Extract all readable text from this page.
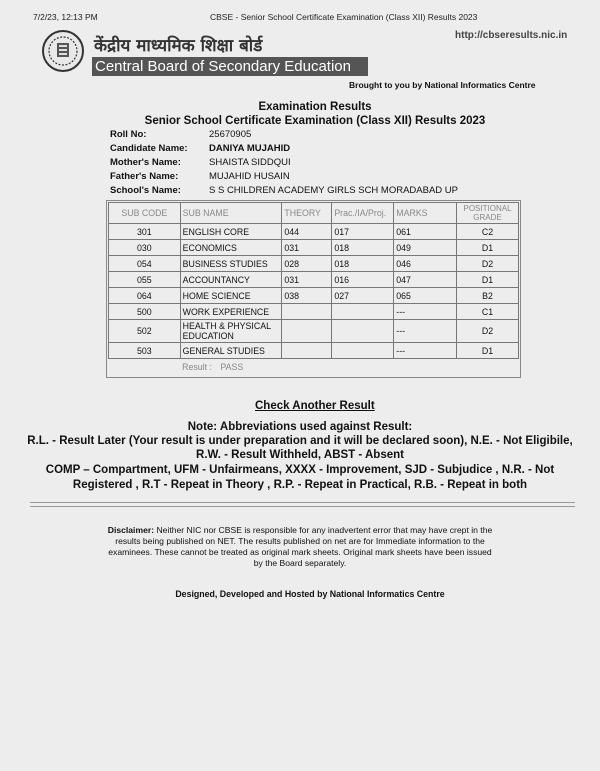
7/2/23, 12:13 PM	CBSE - Senior School Certificate Examination (Class XII) Results 2023
http://cbseresults.nic.in
केंद्रीय माध्यमिक शिक्षा बोर्ड
Central Board of Secondary Education
Brought to you by National Informatics Centre
Examination Results
Senior School Certificate Examination (Class XII) Results 2023
Roll No:	25670905
Candidate Name: DANIYA MUJAHID
Mother's Name:	SHAISTA SIDDQUI
Father's Name:	MUJAHID HUSAIN
School's Name:	S S CHILDREN ACADEMY GIRLS SCH MORADABAD UP
SUB CODE	SUB NAME	THEORY	Prac./IA/Proj.	MARKS	POSITIONAL GRADE
301	ENGLISH CORE	044	017	061	C2
030	ECONOMICS	031	018	049	D1
054	BUSINESS STUDIES	028	018	046	D2
055	ACCOUNTANCY	031	016	047	D1
064	HOME SCIENCE	038	027	065	B2
500	WORK EXPERIENCE			---	C1
502	HEALTH & PHYSICAL EDUCATION			---	D2
503	GENERAL STUDIES			---	D1
	Result : PASS				
Check Another Result
Note: Abbreviations used against Result:
R.L. - Result Later (Your result is under preparation and it will be declared soon), N.E. - Not Eligibile,
R.W. - Result Withheld, ABST - Absent
COMP – Compartment, UFM - Unfairmeans, XXXX - Improvement, SJD - Subjudice , N.R. - Not
Registered , R.T - Repeat in Theory , R.P. - Repeat in Practical, R.B. - Repeat in both
Disclaimer: Neither NIC nor CBSE is responsible for any inadvertent error that may have crept in the
results being published on NET. The results published on net are for Immediate information to the
examinees. These cannot be treated as original mark sheets. Original mark sheets have been issued
by the Board separately.
Designed, Developed and Hosted by National Informatics Centre
